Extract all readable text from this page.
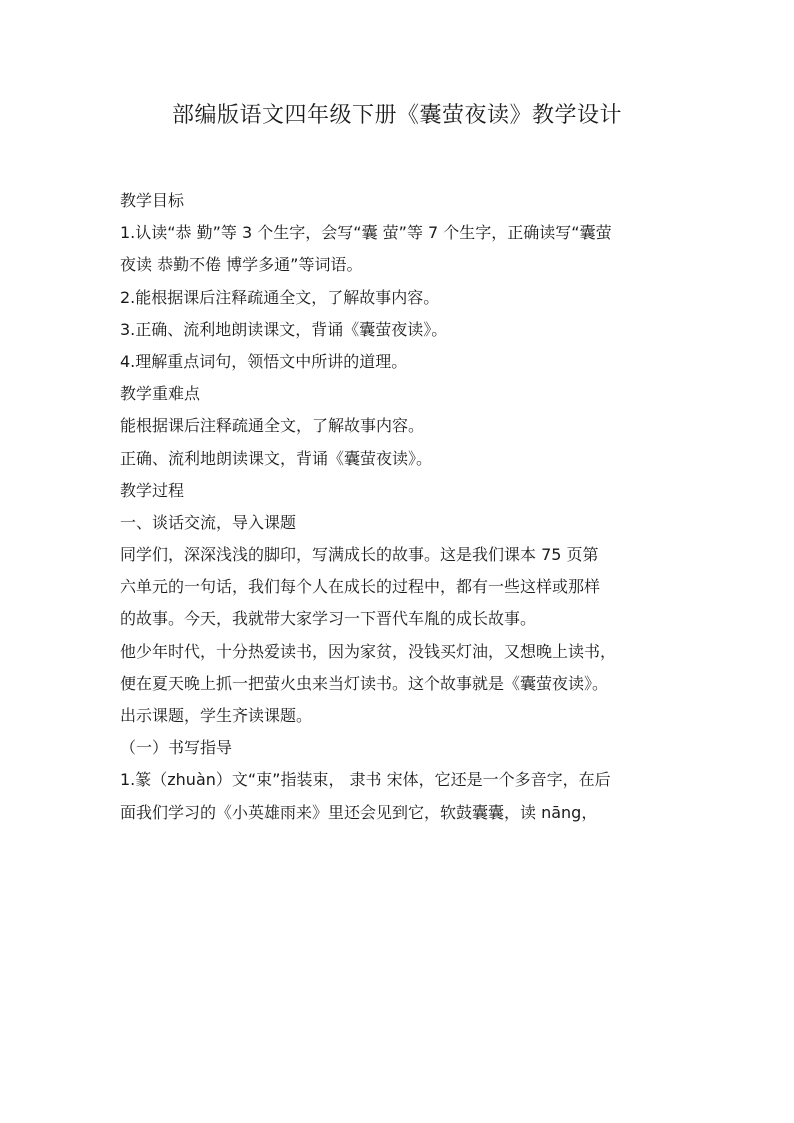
部编版语文四年级下册《囊萤夜读》教学设计
教学目标
1.认读“恭 勤”等 3 个生字，会写“囊 萤”等 7 个生字，正确读写“囊萤
夜读 恭勤不倦 博学多通”等词语。
2.能根据课后注释疏通全文，了解故事内容。
3.正确、流利地朗读课文，背诵《囊萤夜读》。
4.理解重点词句，领悟文中所讲的道理。
教学重难点
能根据课后注释疏通全文，了解故事内容。
正确、流利地朗读课文，背诵《囊萤夜读》。
教学过程
一、谈话交流，导入课题
同学们，深深浅浅的脚印，写满成长的故事。这是我们课本 75 页第
六单元的一句话，我们每个人在成长的过程中，都有一些这样或那样
的故事。今天，我就带大家学习一下晋代车胤的成长故事。
他少年时代，十分热爱读书，因为家贫，没钱买灯油，又想晚上读书，
便在夏天晚上抓一把萤火虫来当灯读书。这个故事就是《囊萤夜读》。
出示课题，学生齐读课题。
（一）书写指导
1.篆（zhuàn）文“束”指装束， 隶书 宋体，它还是一个多音字，在后
面我们学习的《小英雄雨来》里还会见到它，软鼓囊囊，读 nāng，
